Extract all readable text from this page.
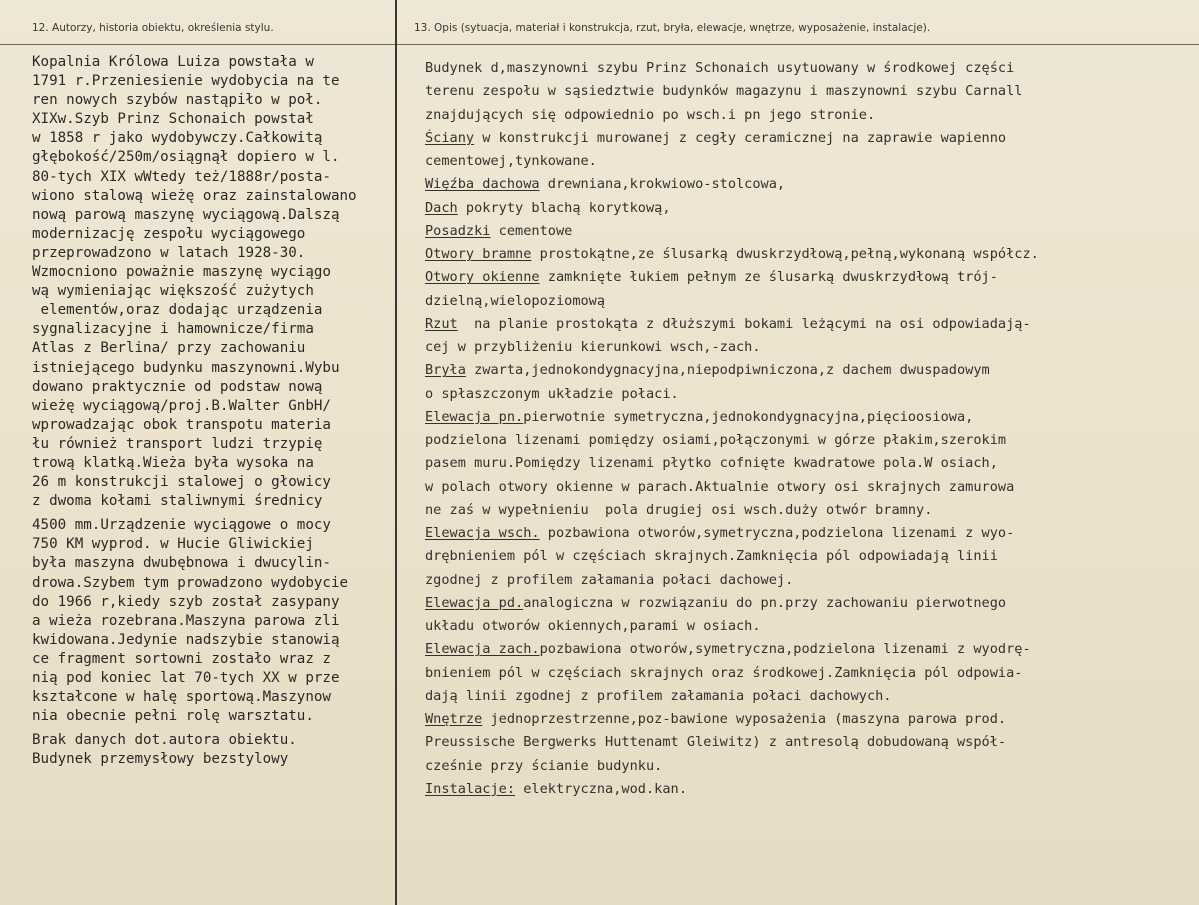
12. Autorzy, historia obiektu, określenia stylu.	13. Opis (sytuacja, materiał i konstrukcja, rzut, bryła, elewacje, wnętrze, wyposażenie, instalacje).
Kopalnia Królowa Luiza powstała w
1791 r.Przeniesienie wydobycia na te
ren nowych szybów nastąpiło w poł.
XIXw.Szyb Prinz Schonaich powstał
w 1858 r jako wydobywczy.Całkowitą
głębokość/250m/osiągnął dopiero w l.
80-tych XIX wWtedy też/1888r/posta-
wiono stalową wieżę oraz zainstalowano
nową parową maszynę wyciągową.Dalszą
modernizację zespołu wyciągowego
przeprowadzono w latach 1928-30.
Wzmocniono poważnie maszynę wyciągo
wą wymieniając większość zużytych
elementów,oraz dodając urządzenia
sygnalizacyjne i hamownicze/firma
Atlas z Berlina/ przy zachowaniu
istniejącego budynku maszynowni.Wybu
dowano praktycznie od podstaw nową
wieżę wyciągową/proj.B.Walter GnbH/
wprowadzając obok transpotu materia
łu również transport ludzi trzypię
trową klatką.Wieża była wysoka na
26 m konstrukcji stalowej o głowicy
z dwoma kołami staliwnymi średnicy
4500 mm.Urządzenie wyciągowe o mocy
750 KM wyprod. w Hucie Gliwickiej
była maszyna dwubębnowa i dwucylin-
drowa.Szybem tym prowadzono wydobycie
do 1966 r,kiedy szyb został zasypany
a wieża rozebrana.Maszyna parowa zli
kwidowana.Jedynie nadszybie stanowią
ce fragment sortowni zostało wraz z
nią pod koniec lat 70-tych XX w prze
kształcone w halę sportową.Maszynow
nia obecnie pełni rolę warsztatu.
Brak danych dot.autora obiektu.
Budynek przemysłowy bezstylowy
Budynek d,maszynowni szybu Prinz Schonaich usytuowany w środkowej części
terenu zespołu w sąsiedztwie budynków magazynu i maszynowni szybu Carnall
znajdujących się odpowiednio po wsch.i pn jego stronie.
Ściany w konstrukcji murowanej z cegły ceramicznej na zaprawie wapienno
cementowej,tynkowane.
Więźba dachowa drewniana,krokwiowo-stolcowa,
Dach pokryty blachą korytkową,
Posadzki cementowe
Otwory bramne prostokątne,ze ślusarką dwuskrzydłową,pełną,wykonaną współcz.
Otwory okienne zamknięte łukiem pełnym ze ślusarką dwuskrzydłową trój-
dzielną,wielopoziomową
Rzut  na planie prostokąta z dłuższymi bokami leżącymi na osi odpowiadają-
cej w przybliżeniu kierunkowi wsch,-zach.
Bryła zwarta,jednokondygnacyjna,niepodpiwniczona,z dachem dwuspadowym
o spłaszczonym układzie połaci.
Elewacja pn.pierwotnie symetryczna,jednokondygnacyjna,pięcioosiowa,
podzielona lizenami pomiędzy osiami,połączonymi w górze płakim,szerokim
pasem muru.Pomiędzy lizenami płytko cofnięte kwadratowe pola.W osiach,
w polach otwory okienne w parach.Aktualnie otwory osi skrajnych zamurowa
ne zaś w wypełnieniu  pola drugiej osi wsch.duży otwór bramny.
Elewacja wsch. pozbawiona otworów,symetryczna,podzielona lizenami z wyo-
drębnieniem pól w częściach skrajnych.Zamknięcia pól odpowiadają linii
zgodnej z profilem załamania połaci dachowej.
Elewacja pd.analogiczna w rozwiązaniu do pn.przy zachowaniu pierwotnego
układu otworów okiennych,parami w osiach.
Elewacja zach.pozbawiona otworów,symetryczna,podzielona lizenami z wyodrę-
bnieniem pól w częściach skrajnych oraz środkowej.Zamknięcia pól odpowia-
dają linii zgodnej z profilem załamania połaci dachowych.
Wnętrze jednoprzestrzenne,poz-bawione wyposażenia (maszyna parowa prod.
Preussische Bergwerks Huttenamt Gleiwitz) z antresolą dobudowaną współ-
cześnie przy ścianie budynku.
Instalacje: elektryczna,wod.kan.
